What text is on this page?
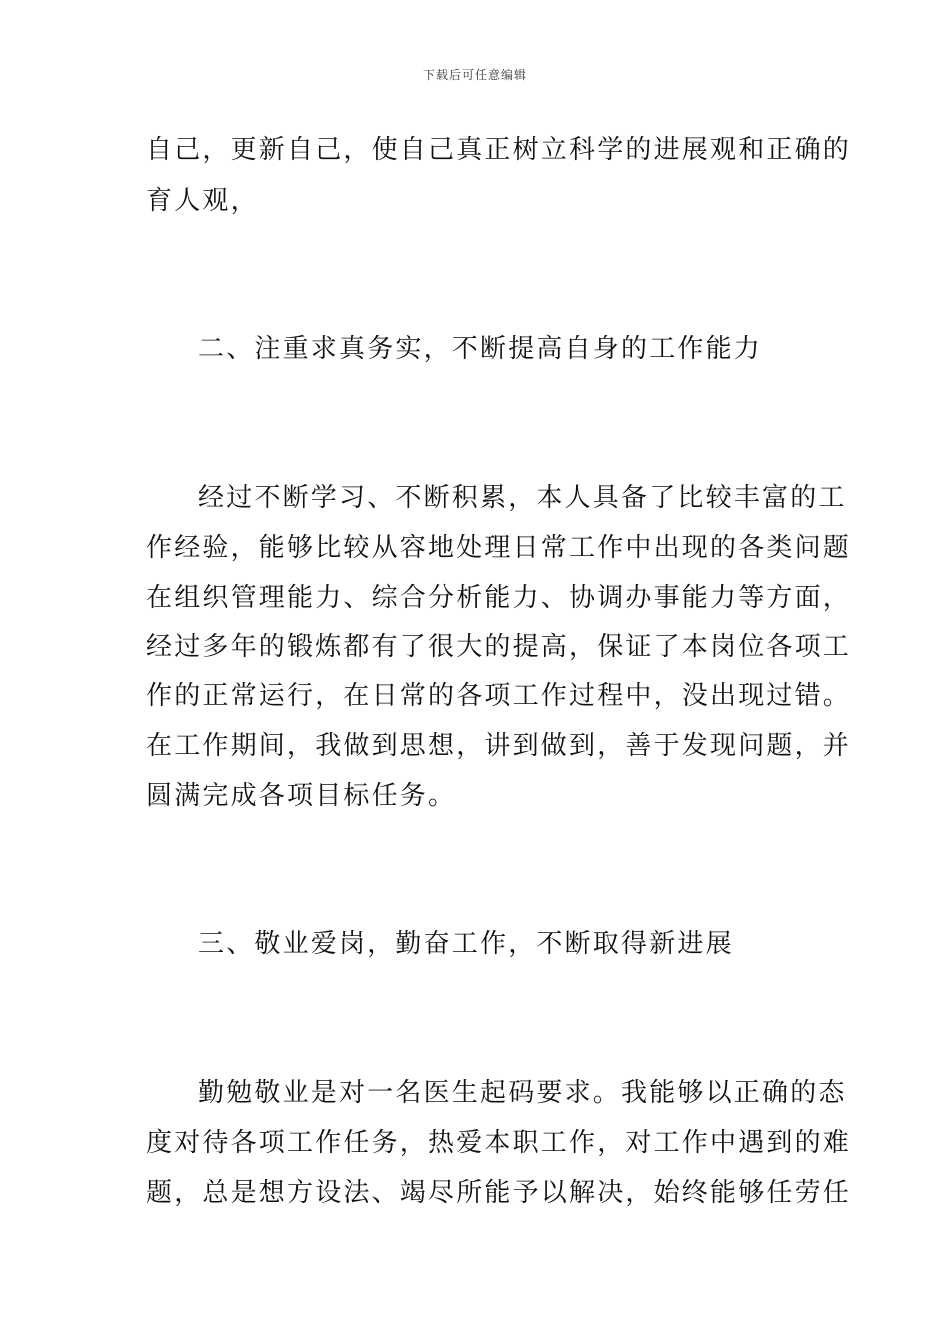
下载后可任意编辑
自己，更新自己，使自己真正树立科学的进展观和正确的
育人观，
二、注重求真务实，不断提高自身的工作能力
经过不断学习、不断积累，本人具备了比较丰富的工
作经验，能够比较从容地处理日常工作中出现的各类问题
在组织管理能力、综合分析能力、协调办事能力等方面，
经过多年的锻炼都有了很大的提高，保证了本岗位各项工
作的正常运行，在日常的各项工作过程中，没出现过错。
在工作期间，我做到思想，讲到做到，善于发现问题，并
圆满完成各项目标任务。
三、敬业爱岗，勤奋工作，不断取得新进展
勤勉敬业是对一名医生起码要求。我能够以正确的态
度对待各项工作任务，热爱本职工作，对工作中遇到的难
题，总是想方设法、竭尽所能予以解决，始终能够任劳任
